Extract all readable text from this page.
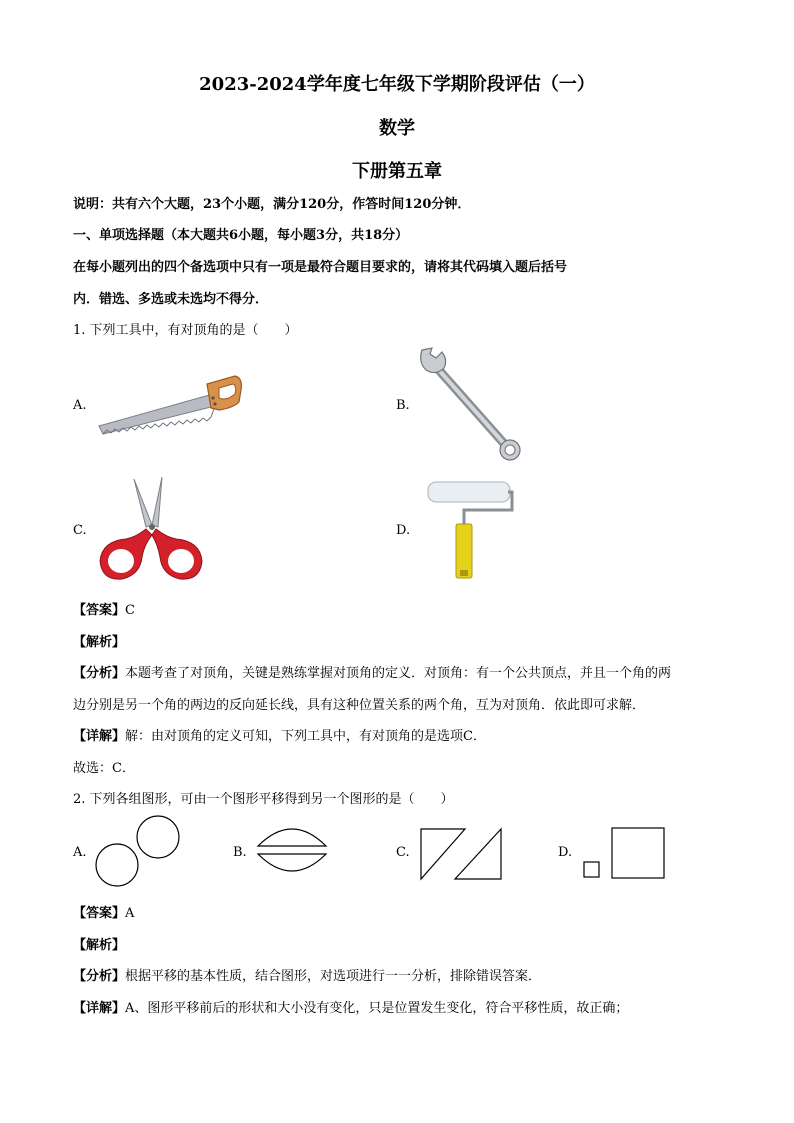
2023-2024学年度七年级下学期阶段评估（一）
数学
下册第五章
说明：共有六个大题，23个小题，满分120分，作答时间120分钟．
一、单项选择题（本大题共6小题，每小题3分，共18分）
在每小题列出的四个备选项中只有一项是最符合题目要求的，请将其代码填入题后括号
内．错选、多选或未选均不得分．
1. 下列工具中，有对顶角的是（　　）
A.	B.
C.	D.
【答案】C
【解析】
【分析】本题考查了对顶角，关键是熟练掌握对顶角的定义．对顶角：有一个公共顶点，并且一个角的两
边分别是另一个角的两边的反向延长线，具有这种位置关系的两个角，互为对顶角．依此即可求解．
【详解】解：由对顶角的定义可知，下列工具中，有对顶角的是选项C．
故选：C．
2. 下列各组图形，可由一个图形平移得到另一个图形的是（　　）
A.	B.	C.	D.
【答案】A
【解析】
【分析】根据平移的基本性质，结合图形，对选项进行一一分析，排除错误答案．
【详解】A、图形平移前后的形状和大小没有变化，只是位置发生变化，符合平移性质，故正确；
